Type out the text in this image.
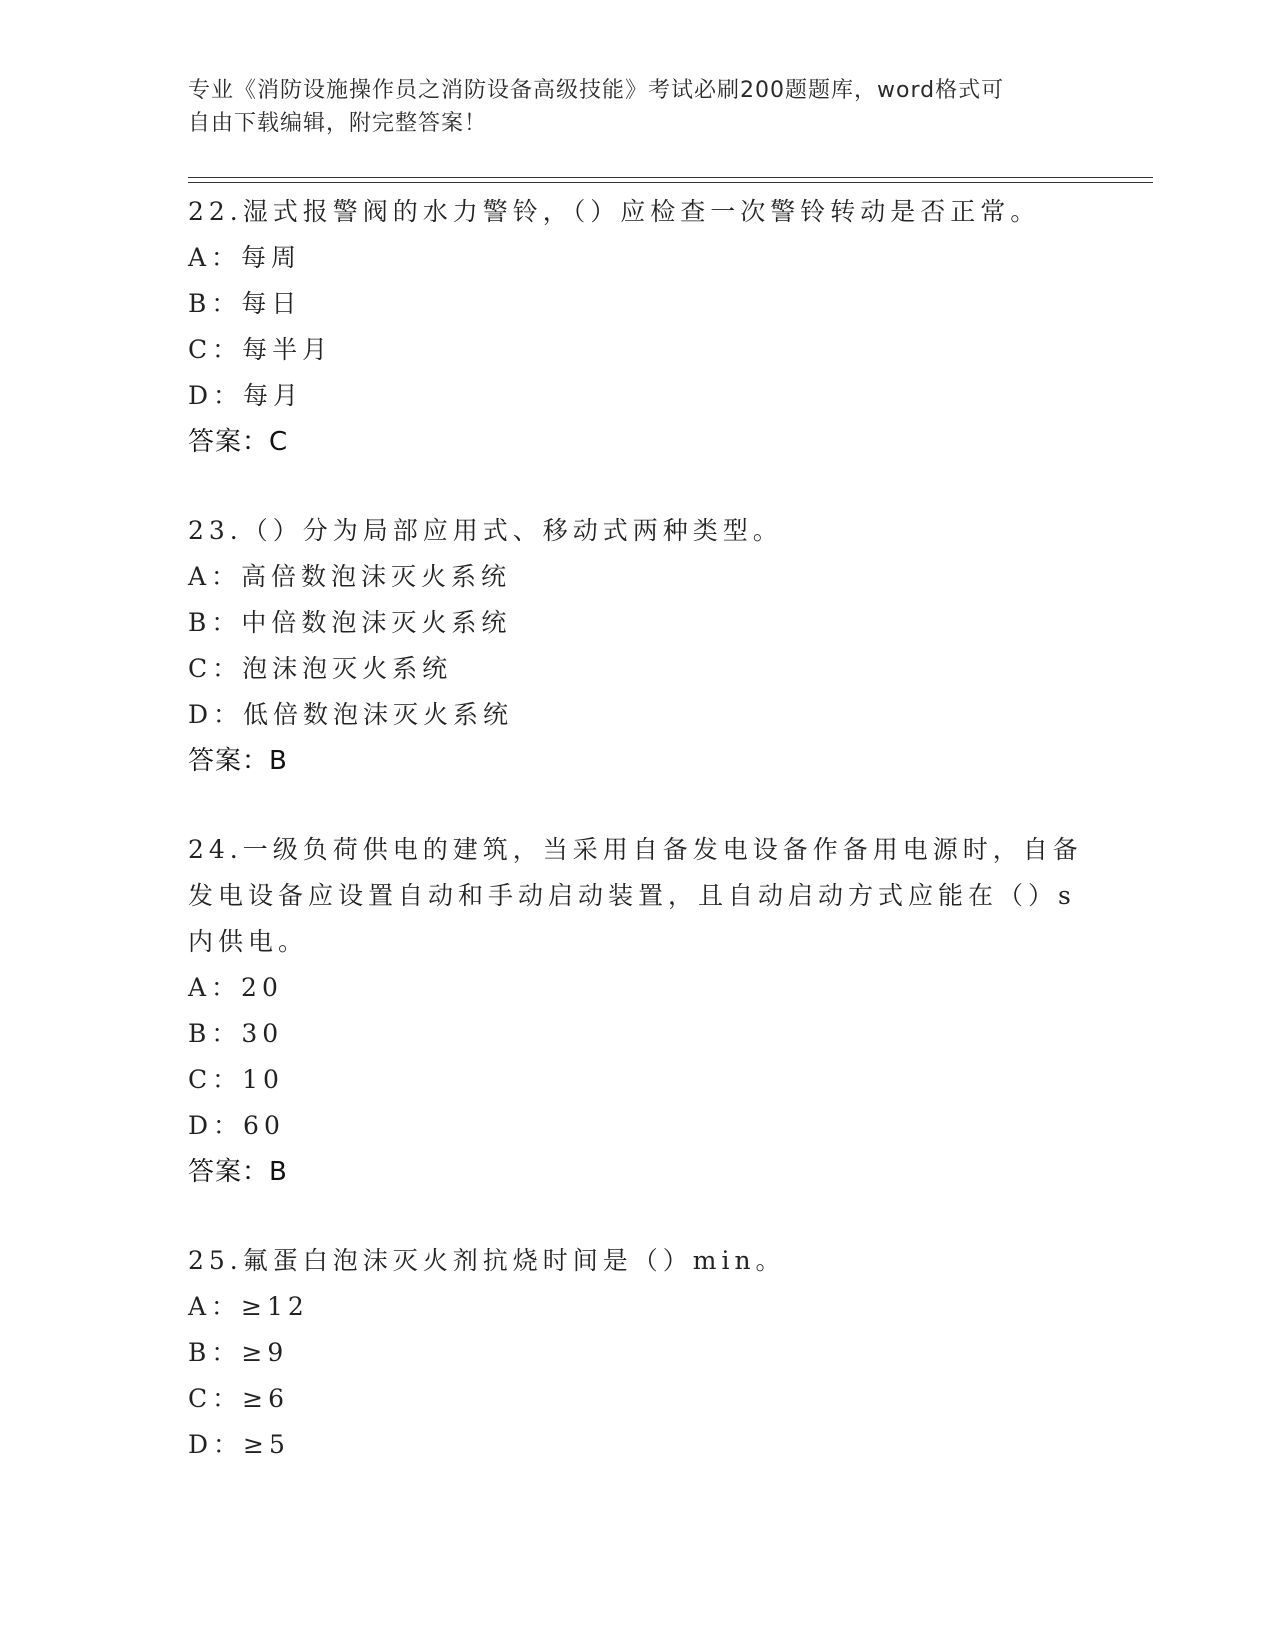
专业《消防设施操作员之消防设备高级技能》考试必刷200题题库，word格式可
自由下载编辑，附完整答案！
22.湿式报警阀的水力警铃，（）应检查一次警铃转动是否正常。
A：每周
B：每日
C：每半月
D：每月
答案：C
23.（）分为局部应用式、移动式两种类型。
A：高倍数泡沫灭火系统
B：中倍数泡沫灭火系统
C：泡沫泡灭火系统
D：低倍数泡沫灭火系统
答案：B
24.一级负荷供电的建筑，当采用自备发电设备作备用电源时，自备发电设备应设置自动和手动启动装置，且自动启动方式应能在（）s内供电。
A：20
B：30
C：10
D：60
答案：B
25.氟蛋白泡沫灭火剂抗烧时间是（）min。
A：≥12
B：≥9
C：≥6
D：≥5
